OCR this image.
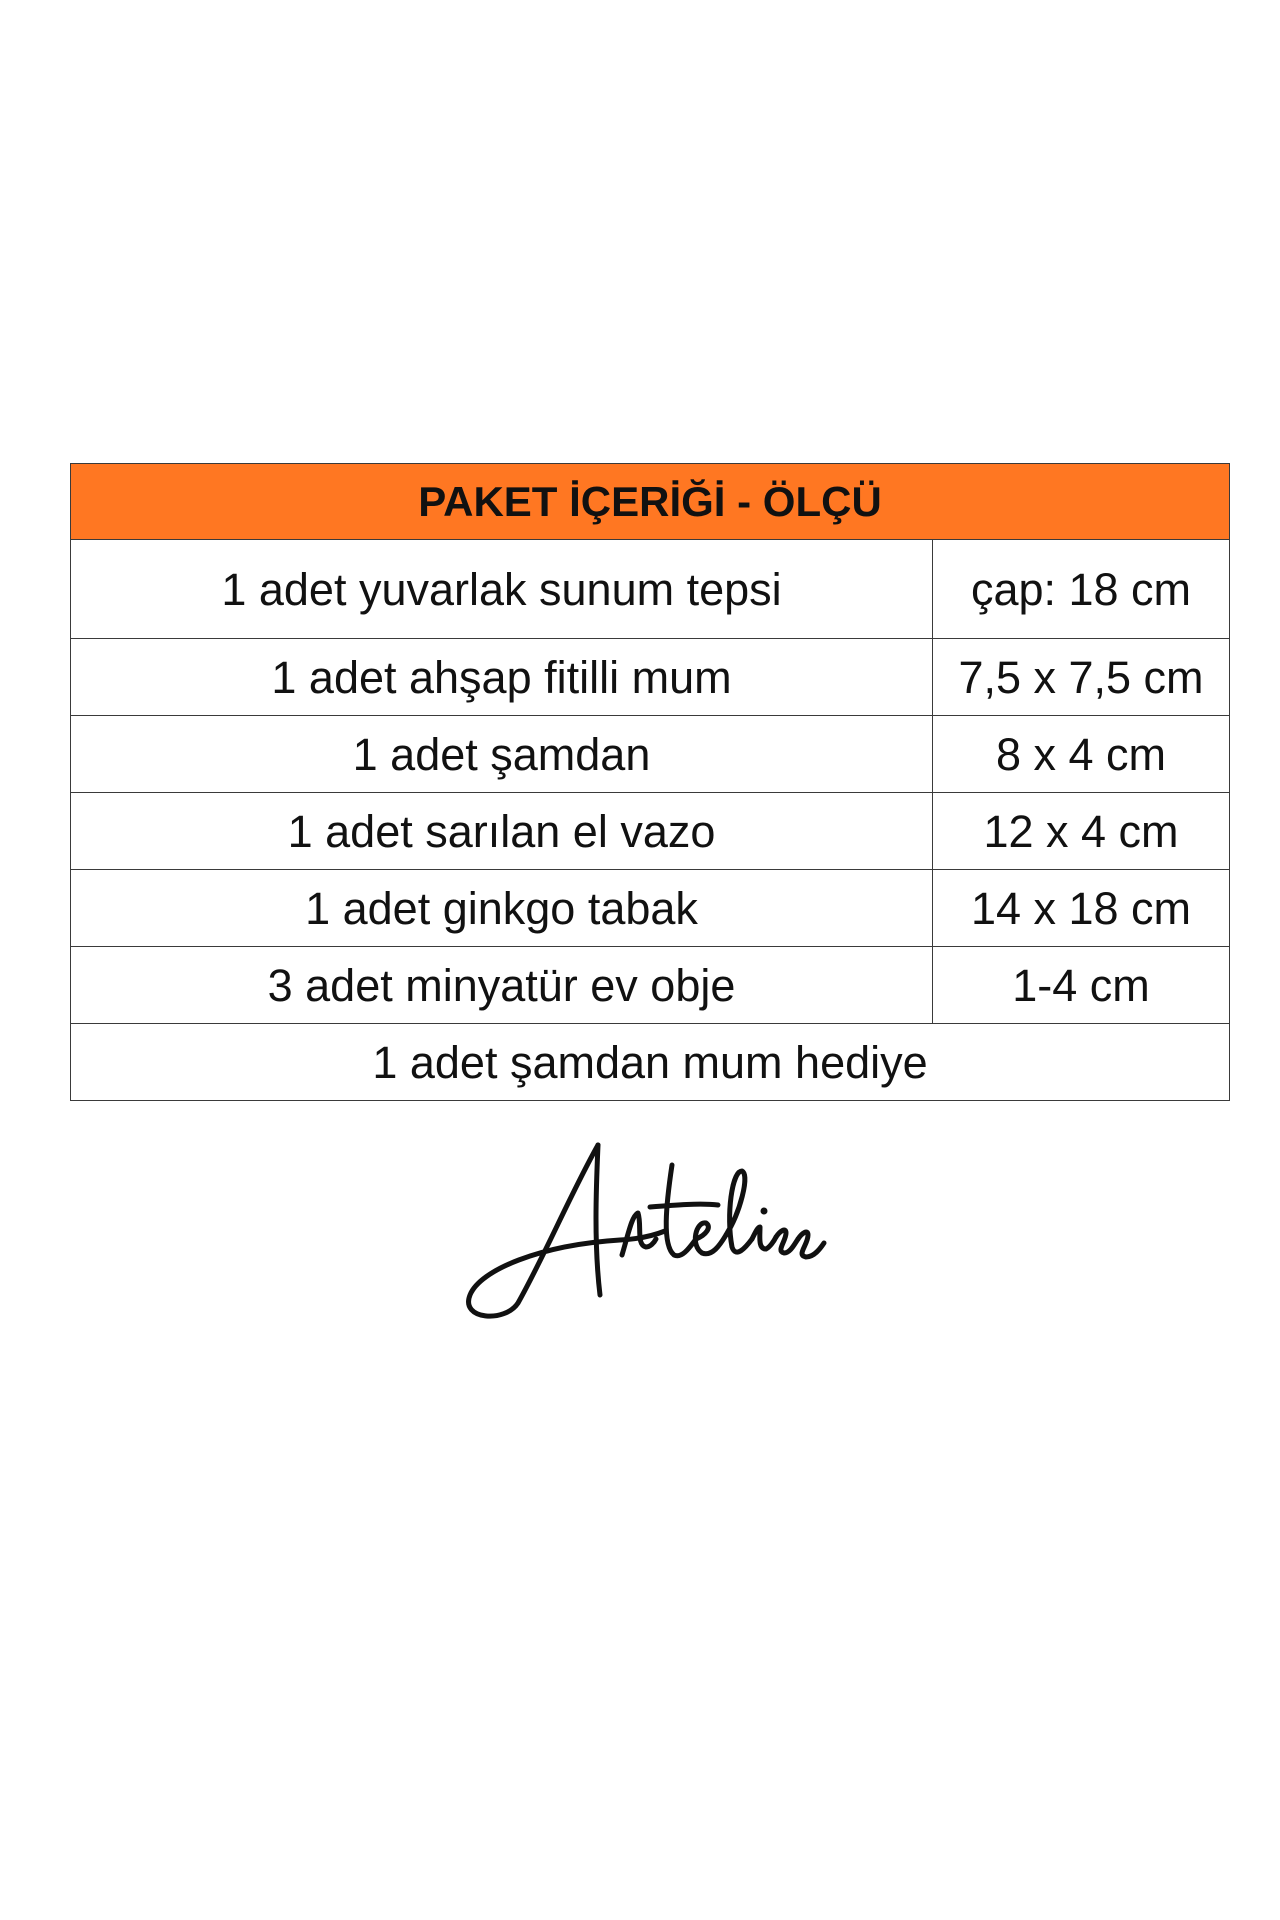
PAKET İÇERİĞİ - ÖLÇÜ	
1 adet yuvarlak sunum tepsi	çap: 18 cm
1 adet ahşap fitilli mum	7,5 x 7,5 cm
1 adet şamdan	8 x 4 cm
1 adet sarılan el vazo	12 x 4 cm
1 adet ginkgo tabak	14 x 18 cm
3 adet minyatür ev obje	1-4 cm
1 adet şamdan mum hediye	
